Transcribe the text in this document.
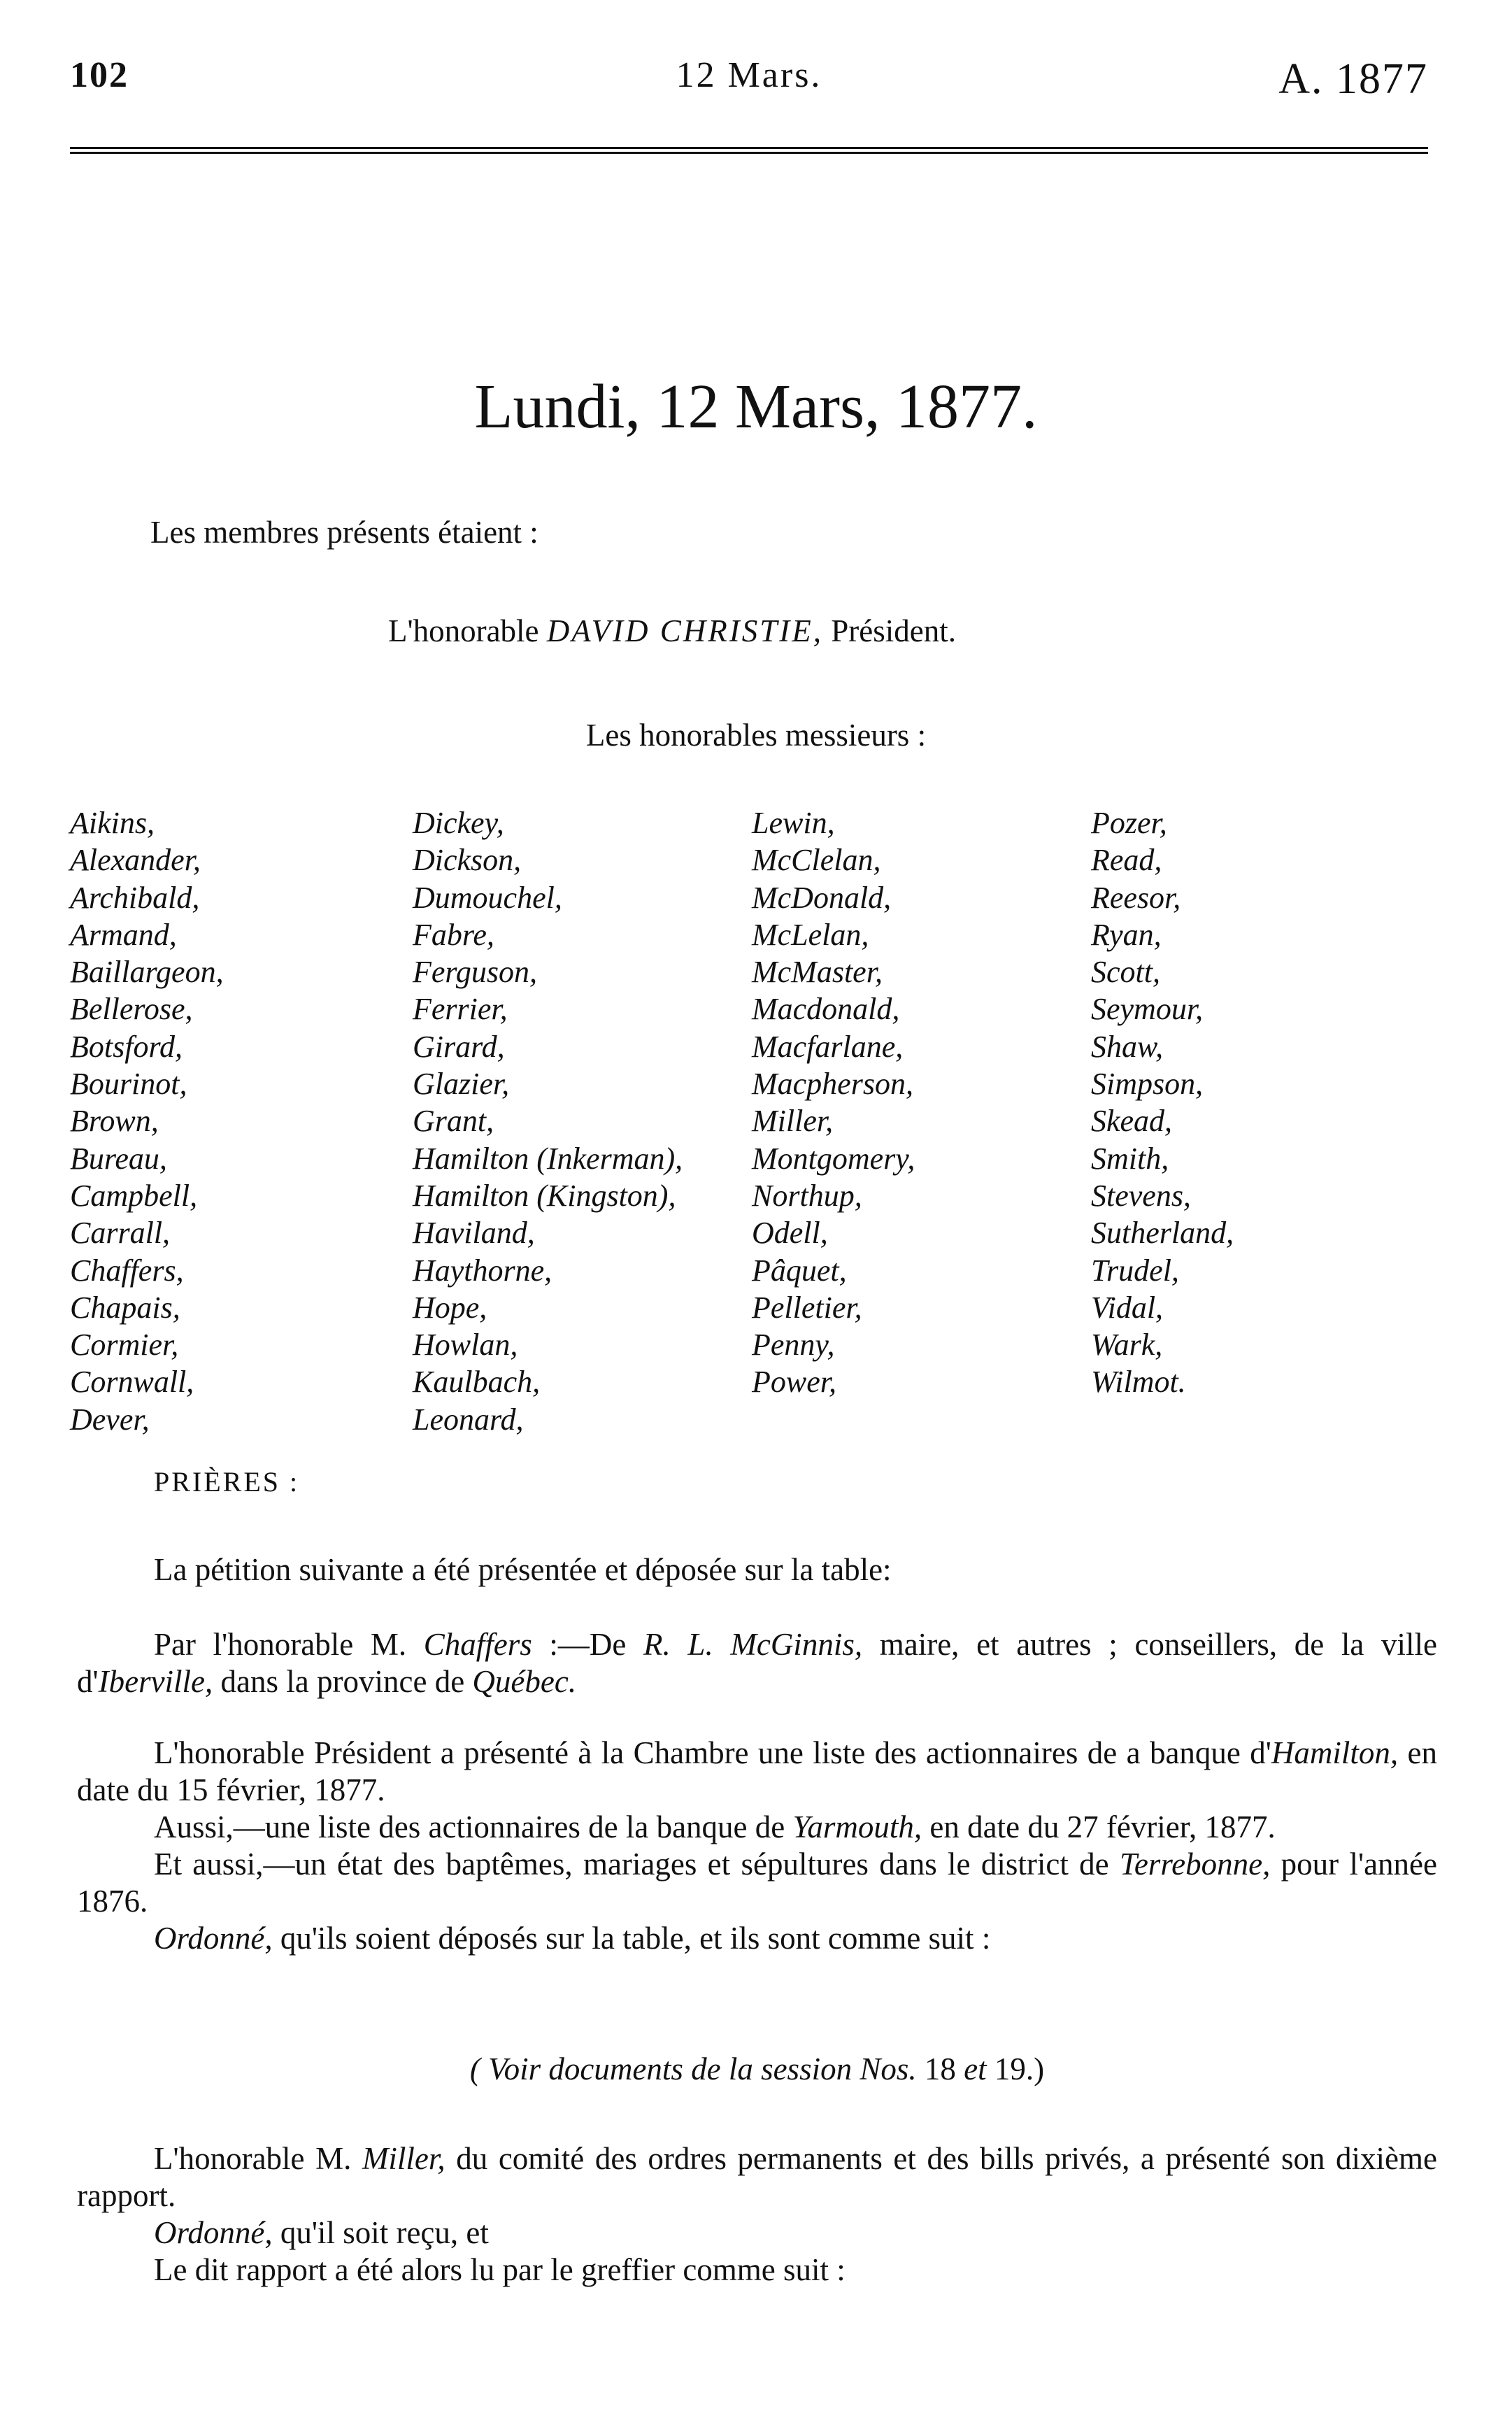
102	12 Mars.	A. 1877
Lundi, 12 Mars, 1877.
Les membres présents étaient :
L'honorable DAVID CHRISTIE, Président.
Les honorables messieurs :
Aikins,
Alexander,
Archibald,
Armand,
Baillargeon,
Bellerose,
Botsford,
Bourinot,
Brown,
Bureau,
Campbell,
Carrall,
Chaffers,
Chapais,
Cormier,
Cornwall,
Dever,
Dickey,
Dickson,
Dumouchel,
Fabre,
Ferguson,
Ferrier,
Girard,
Glazier,
Grant,
Hamilton (Inkerman),
Hamilton (Kingston),
Haviland,
Haythorne,
Hope,
Howlan,
Kaulbach,
Leonard,
Lewin,
McClelan,
McDonald,
McLelan,
McMaster,
Macdonald,
Macfarlane,
Macpherson,
Miller,
Montgomery,
Northup,
Odell,
Pâquet,
Pelletier,
Penny,
Power,
Pozer,
Read,
Reesor,
Ryan,
Scott,
Seymour,
Shaw,
Simpson,
Skead,
Smith,
Stevens,
Sutherland,
Trudel,
Vidal,
Wark,
Wilmot.
PRIÈRES :
La pétition suivante a été présentée et déposée sur la table:

Par l'honorable M. Chaffers :—De R. L. McGinnis, maire, et autres ; conseillers, de la ville d'Iberville, dans la province de Québec.

L'honorable Président a présenté à la Chambre une liste des actionnaires de a banque d'Hamilton, en date du 15 février, 1877.

Aussi,—une liste des actionnaires de la banque de Yarmouth, en date du 27 février, 1877.

Et aussi,—un état des baptêmes, mariages et sépultures dans le district de Terrebonne, pour l'année 1876.

Ordonné, qu'ils soient déposés sur la table, et ils sont comme suit :

( Voir documents de la session Nos. 18 et 19.)

L'honorable M. Miller, du comité des ordres permanents et des bills privés, a présenté son dixième rapport.

Ordonné, qu'il soit reçu, et

Le dit rapport a été alors lu par le greffier comme suit :
